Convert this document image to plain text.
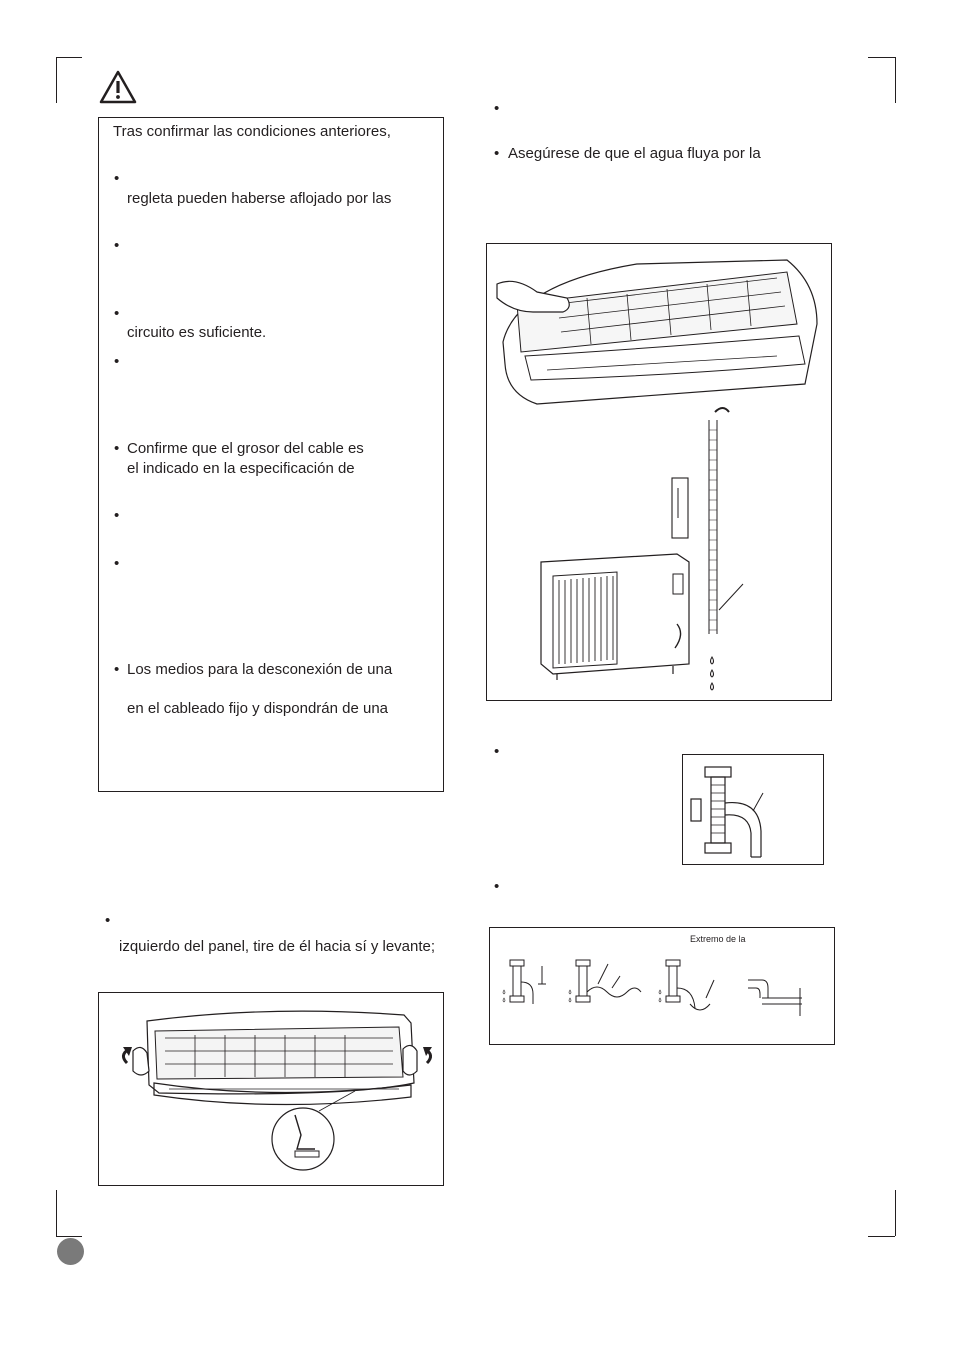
Tras confirmar las condiciones anteriores,
•
regleta pueden haberse aflojado por las
•
•
circuito es suficiente.
•
• Confirme que el grosor del cable es
el indicado en la especificación de
•
•
• Los medios para la desconexión de una
en el cableado fijo y dispondrán de una
•
izquierdo del panel, tire de él hacia sí y levante;
•
• Asegúrese de que el agua fluya por la
•
•
Extremo de la
